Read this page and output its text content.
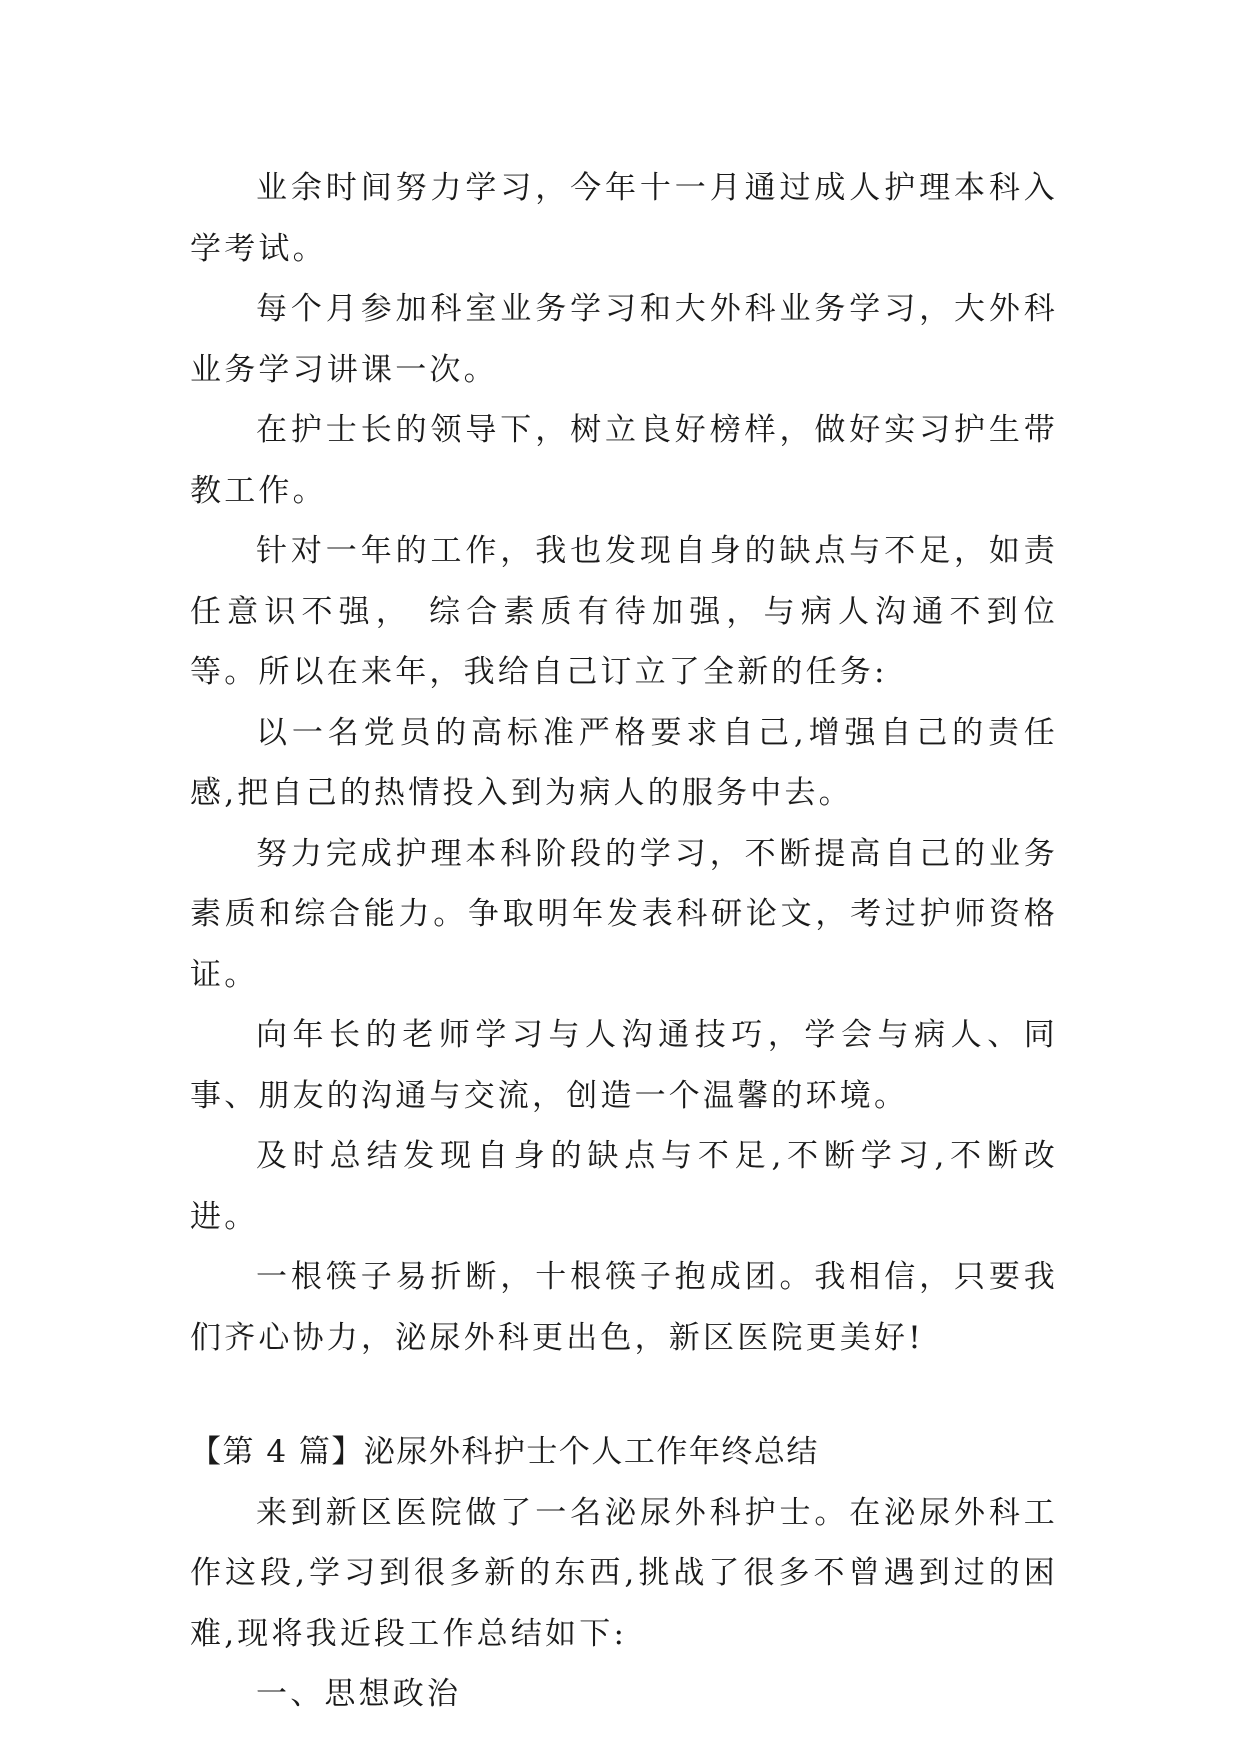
业余时间努力学习，今年十一月通过成人护理本科入学考试。

每个月参加科室业务学习和大外科业务学习，大外科业务学习讲课一次。

在护士长的领导下，树立良好榜样，做好实习护生带教工作。

针对一年的工作，我也发现自身的缺点与不足，如责任意识不强， 综合素质有待加强，与病人沟通不到位等。所以在来年，我给自己订立了全新的任务:

以一名党员的高标准严格要求自己,增强自己的责任感,把自己的热情投入到为病人的服务中去。

努力完成护理本科阶段的学习，不断提高自己的业务素质和综合能力。争取明年发表科研论文，考过护师资格证。

向年长的老师学习与人沟通技巧，学会与病人、同事、朋友的沟通与交流，创造一个温馨的环境。

及时总结发现自身的缺点与不足,不断学习,不断改进。

一根筷子易折断，十根筷子抱成团。我相信，只要我们齐心协力，泌尿外科更出色，新区医院更美好!

【第 4 篇】泌尿外科护士个人工作年终总结

来到新区医院做了一名泌尿外科护士。在泌尿外科工作这段,学习到很多新的东西,挑战了很多不曾遇到过的困难,现将我近段工作总结如下:

一、思想政治
